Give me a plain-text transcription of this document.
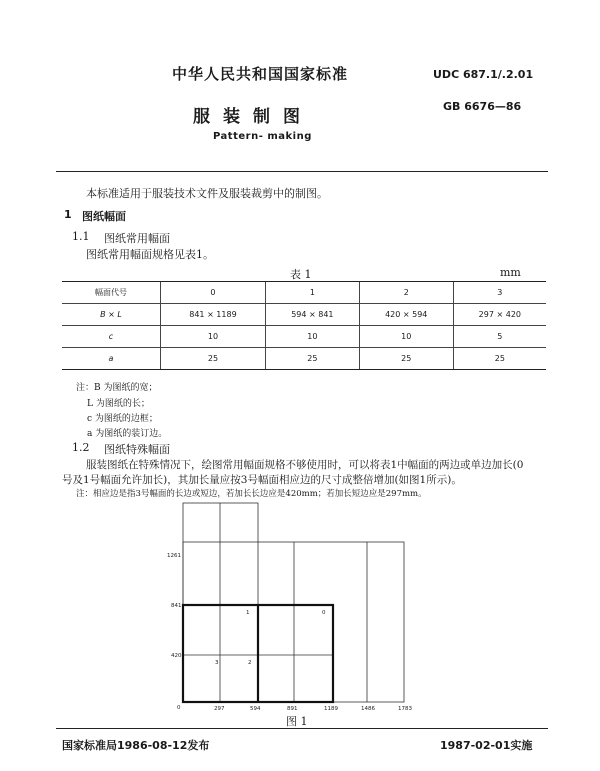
中华人民共和国国家标准	UDC 687.1/.2.01
服装制图
GB 6676—86
Pattern- making
本标准适用于服装技术文件及服装裁剪中的制图。
1 图纸幅面
1.1 图纸常用幅面
图纸常用幅面规格见表1。
表 1	mm
幅面代号	0	1	2	3
B × L	841 × 1189	594 × 841	420 × 594	297 × 420
c	10	10	10	5
a	25	25	25	25
注：B 为图纸的宽；
L 为图纸的长；
c 为图纸的边框；
a 为图纸的装订边。
1.2 图纸特殊幅面
服装图纸在特殊情况下，绘图常用幅面规格不够使用时，可以将表1中幅面的两边或单边加长(0
号及1号幅面允许加长)，其加长量应按3号幅面相应边的尺寸成整倍增加(如图1所示)。
注：相应边是指3号幅面的长边或短边，若加长长边应是420mm；若加长短边应是297mm。
1261
841
420
0	297	594	891	1189	1486	1783
1	0
3	2
图 1
国家标准局1986-08-12发布	1987-02-01实施
